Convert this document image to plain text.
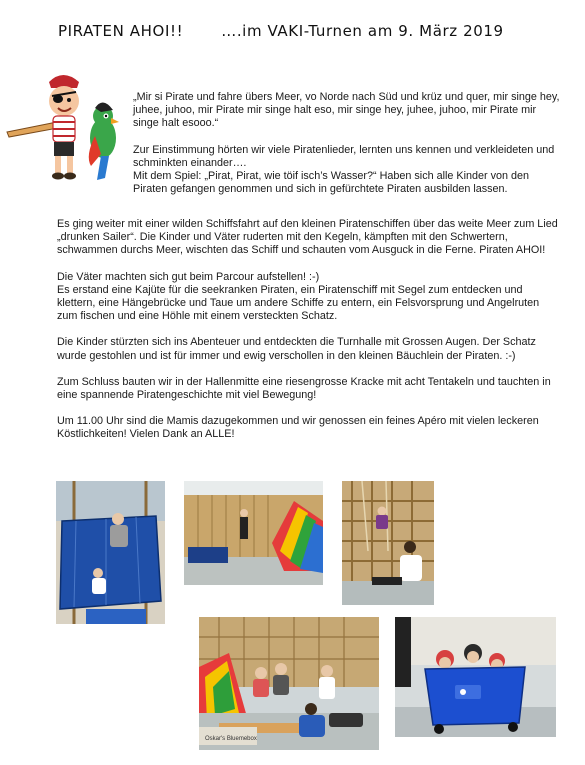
PIRATEN AHOI!!	….im VAKI-Turnen am 9. März 2019

„Mir si Pirate und fahre übers Meer, vo Norde nach Süd und krüz und quer, mir singe hey, juhee, juhoo, mir Pirate mir singe halt eso, mir singe hey, juhee, juhoo, mir Pirate mir singe halt esooo.“

Zur Einstimmung hörten wir viele Piratenlieder, lernten uns kennen und verkleideten und schminkten einander….
Mit dem Spiel: „Pirat, Pirat, wie töif isch’s Wasser?“ Haben sich alle Kinder von den Piraten gefangen genommen und sich in gefürchtete Piraten ausbilden lassen.

Es ging weiter mit einer wilden Schiffsfahrt auf den kleinen Piratenschiffen über das weite Meer zum Lied „drunken Sailer“. Die Kinder und Väter ruderten mit den Kegeln, kämpften mit den Schwertern, schwammen durchs Meer, wischten das Schiff und schauten vom Ausguck in die Ferne. Piraten AHOI!

Die Väter machten sich gut beim Parcour aufstellen! :-)
Es erstand eine Kajüte für die seekranken Piraten, ein Piratenschiff mit Segel zum entdecken und klettern, eine Hängebrücke und Taue um andere Schiffe zu entern, ein Felsvorsprung und Angelruten zum fischen und eine Höhle mit einem versteckten Schatz.

Die Kinder stürzten sich ins Abenteuer und entdeckten die Turnhalle mit Grossen Augen. Der Schatz wurde gestohlen und ist für immer und ewig verschollen in den kleinen Bäuchlein der Piraten. :-)

Zum Schluss bauten wir in der Hallenmitte eine riesengrosse Kracke mit acht Tentakeln und tauchten in eine spannende Piratengeschichte mit viel Bewegung!

Um 11.00 Uhr sind die Mamis dazugekommen und wir genossen ein feines Apéro mit vielen leckeren Köstlichkeiten! Vielen Dank an ALLE!

Oskar's Bluemebox
